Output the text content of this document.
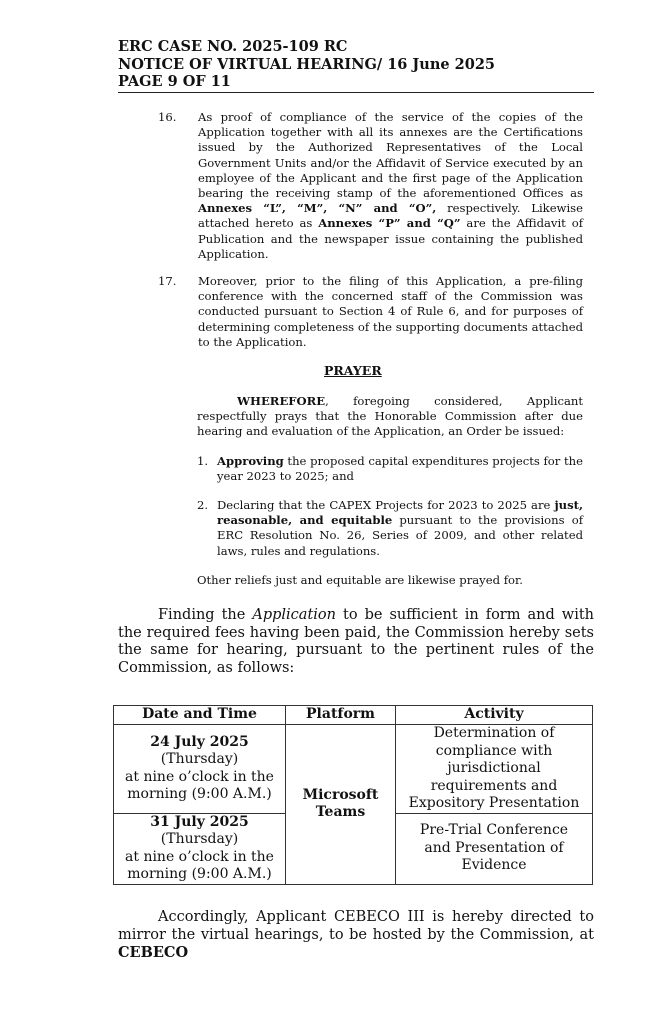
ERC CASE NO. 2025-109 RC
NOTICE OF VIRTUAL HEARING/ 16 June 2025
PAGE 9 OF 11
16. As proof of compliance of the service of the copies of the Application together with all its annexes are the Certifications issued by the Authorized Representatives of the Local Government Units and/or the Affidavit of Service executed by an employee of the Applicant and the first page of the Application bearing the receiving stamp of the aforementioned Offices as Annexes “L”, “M”, “N” and “O”, respectively. Likewise attached hereto as Annexes “P” and “Q” are the Affidavit of Publication and the newspaper issue containing the published Application.
17. Moreover, prior to the filing of this Application, a pre-filing conference with the concerned staff of the Commission was conducted pursuant to Section 4 of Rule 6, and for purposes of determining completeness of the supporting documents attached to the Application.
PRAYER
WHEREFORE, foregoing considered, Applicant respectfully prays that the Honorable Commission after due hearing and evaluation of the Application, an Order be issued:
1. Approving the proposed capital expenditures projects for the year 2023 to 2025; and
2. Declaring that the CAPEX Projects for 2023 to 2025 are just, reasonable, and equitable pursuant to the provisions of ERC Resolution No. 26, Series of 2009, and other related laws, rules and regulations.
Other reliefs just and equitable are likewise prayed for.
Finding the Application to be sufficient in form and with the required fees having been paid, the Commission hereby sets the same for hearing, pursuant to the pertinent rules of the Commission, as follows:
Date and Time	Platform	Activity

24 July 2025
(Thursday)
at nine o’clock in the
morning (9:00 A.M.)	Microsoft Teams	Determination of compliance with jurisdictional requirements and Expository Presentation

31 July 2025
(Thursday)
at nine o’clock in the
morning (9:00 A.M.)		Pre-Trial Conference and Presentation of Evidence
Accordingly, Applicant CEBECO III is hereby directed to mirror the virtual hearings, to be hosted by the Commission, at CEBECO
